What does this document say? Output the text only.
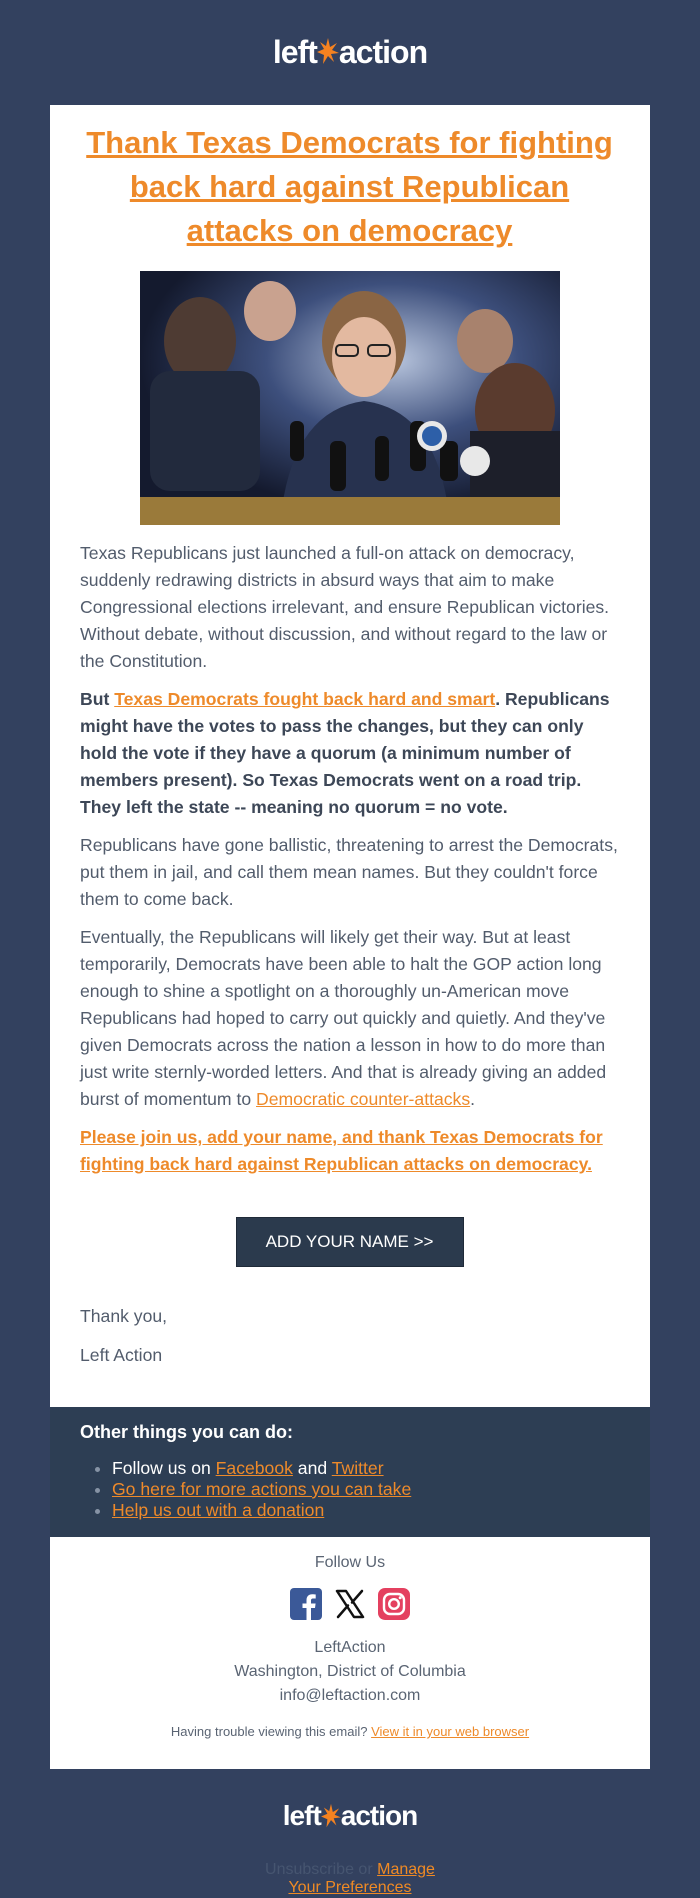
left action
Thank Texas Democrats for fighting back hard against Republican attacks on democracy

Texas Republicans just launched a full-on attack on democracy, suddenly redrawing districts in absurd ways that aim to make Congressional elections irrelevant, and ensure Republican victories. Without debate, without discussion, and without regard to the law or the Constitution.

But Texas Democrats fought back hard and smart. Republicans might have the votes to pass the changes, but they can only hold the vote if they have a quorum (a minimum number of members present). So Texas Democrats went on a road trip. They left the state -- meaning no quorum = no vote.

Republicans have gone ballistic, threatening to arrest the Democrats, put them in jail, and call them mean names. But they couldn't force them to come back.

Eventually, the Republicans will likely get their way. But at least temporarily, Democrats have been able to halt the GOP action long enough to shine a spotlight on a thoroughly un-American move Republicans had hoped to carry out quickly and quietly. And they've given Democrats across the nation a lesson in how to do more than just write sternly-worded letters. And that is already giving an added burst of momentum to Democratic counter-attacks.

Please join us, add your name, and thank Texas Democrats for fighting back hard against Republican attacks on democracy.

ADD YOUR NAME >>

Thank you,

Left Action

Other things you can do:
• Follow us on Facebook and Twitter
• Go here for more actions you can take
• Help us out with a donation
Follow Us
LeftAction
Washington, District of Columbia
info@leftaction.com
Having trouble viewing this email? View it in your web browser
left action
Unsubscribe or Manage
Your Preferences
